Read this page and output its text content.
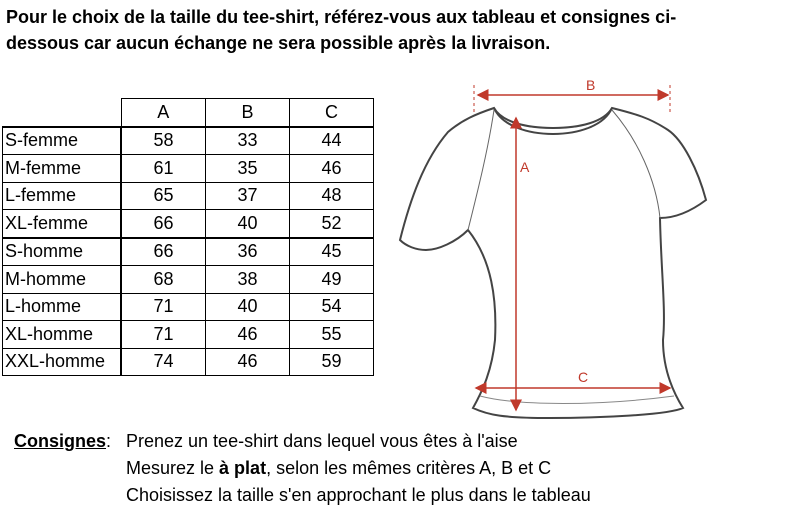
Pour le choix de la taille du tee-shirt, référez-vous aux tableau et consignes ci-
dessous car aucun échange ne sera possible après la livraison.
	A	B	C
S-femme	58	33	44
M-femme	61	35	46
L-femme	65	37	48
XL-femme	66	40	52
S-homme	66	36	45
M-homme	68	38	49
L-homme	71	40	54
XL-homme	71	46	55
XXL-homme	74	46	59
B
A
C
Consignes: Prenez un tee-shirt dans lequel vous êtes à l'aise
Mesurez le à plat, selon les mêmes critères A, B et C
Choisissez la taille s'en approchant le plus dans le tableau
